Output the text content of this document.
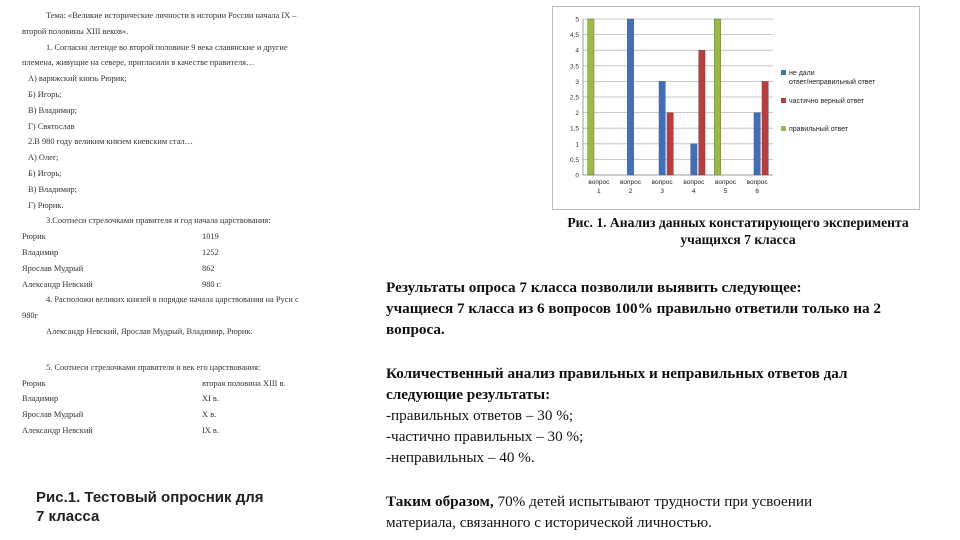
Тема: «Великие исторические личности в истории России начала IX –
второй половины XIII веков».
1. Согласно легенде во второй половине 9 века славянские и другие
племена, живущие на севере, пригласили в качестве правителя…
А) варяжский князь Рюрик;
Б) Игорь;
В) Владимир;
Г) Святослав
2.В 980 году великим князем киевским стал…
А) Олег;
Б) Игорь;
В) Владимир;
Г) Рюрик.
3.Соотнеси стрелочками правителя и год начала царствования:
Рюрик	1019
Владимир	1252
Ярослав Мудрый	862
Александр Невский	980 г.
4. Расположи великих князей в порядке начала царствования на Руси с
980г
Александр Невский, Ярослав Мудрый, Владимир, Рюрик.
5. Соотнеси стрелочками правителя и век его царствования:
Рюрик	вторая половина XIII в.
Владимир	XI в.
Ярослав Мудрый	X в.
Александр Невский	IX в.
Рис.1. Тестовый опросник для
7 класса
0
0,5
1
1,5
2
2,5
3
3,5
4
4,5
5
вопрос
1
вопрос
2
вопрос
3
вопрос
4
вопрос
5
вопрос
6
не дали
ответ/неправильный ответ
частично верный ответ
правильный ответ
Рис. 1. Анализ данных констатирующего эксперимента
учащихся 7 класса
Результаты опроса 7 класса позволили выявить следующее:
учащиеся 7 класса из 6 вопросов 100% правильно ответили только на 2
вопроса.
Количественный анализ правильных и неправильных ответов дал
следующие результаты:
-правильных ответов – 30 %;
-частично правильных – 30 %;
-неправильных – 40 %.
Таким образом, 70% детей испытывают трудности при усвоении
материала, связанного с исторической личностью.
